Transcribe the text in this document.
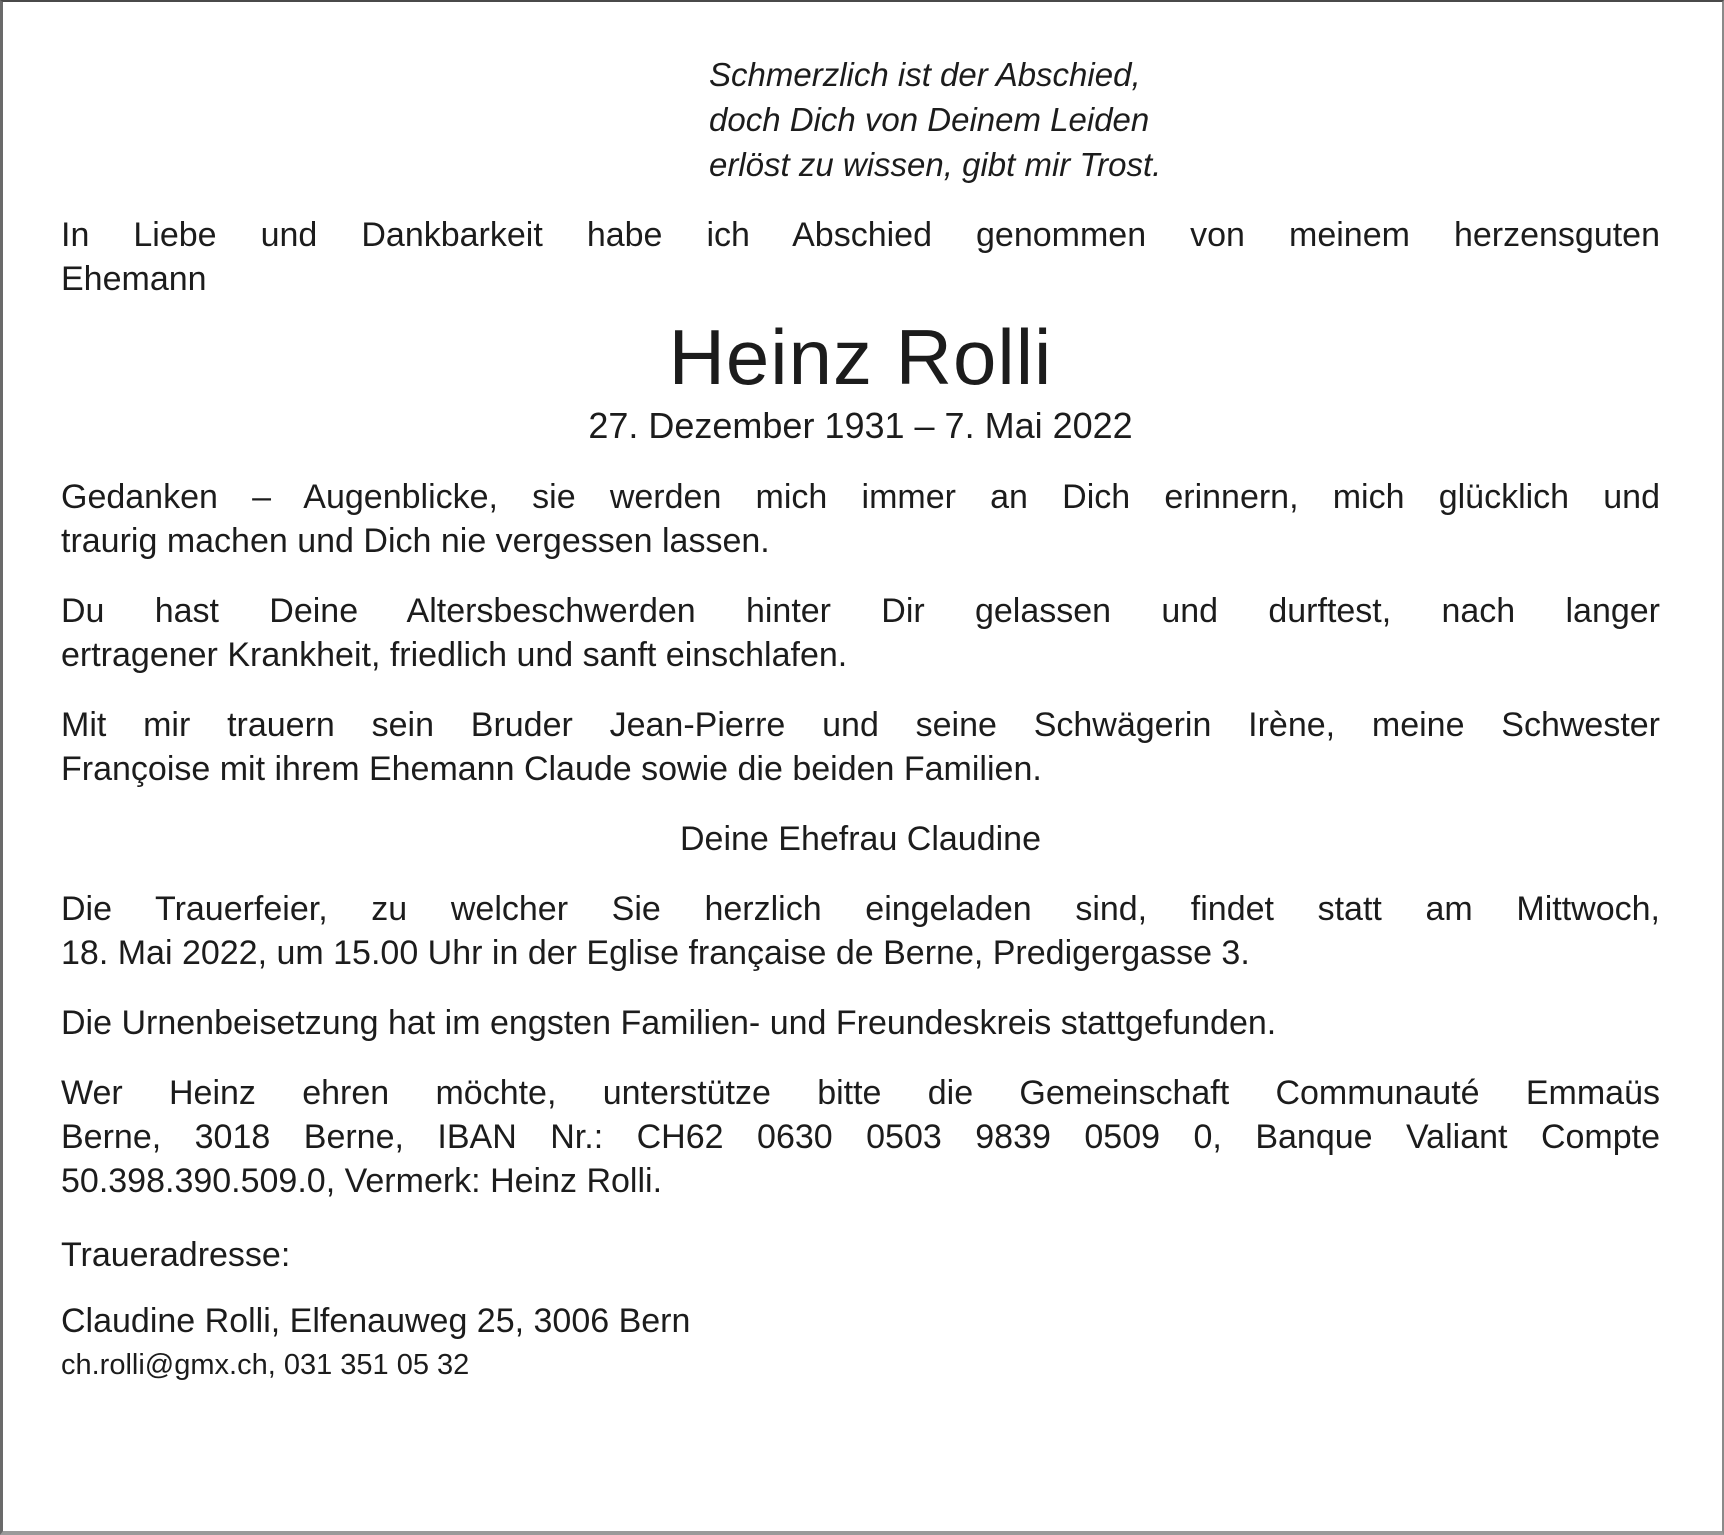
Schmerzlich ist der Abschied,
doch Dich von Deinem Leiden
erlöst zu wissen, gibt mir Trost.
In Liebe und Dankbarkeit habe ich Abschied genommen von meinem herzensguten
Ehemann
Heinz Rolli
27. Dezember 1931 – 7. Mai 2022
Gedanken – Augenblicke, sie werden mich immer an Dich erinnern, mich glücklich und
traurig machen und Dich nie vergessen lassen.
Du hast Deine Altersbeschwerden hinter Dir gelassen und durftest, nach langer
ertragener Krankheit, friedlich und sanft einschlafen.
Mit mir trauern sein Bruder Jean-Pierre und seine Schwägerin Irène, meine Schwester
Françoise mit ihrem Ehemann Claude sowie die beiden Familien.
Deine Ehefrau Claudine
Die Trauerfeier, zu welcher Sie herzlich eingeladen sind, findet statt am Mittwoch,
18. Mai 2022, um 15.00 Uhr in der Eglise française de Berne, Predigergasse 3.
Die Urnenbeisetzung hat im engsten Familien- und Freundeskreis stattgefunden.
Wer Heinz ehren möchte, unterstütze bitte die Gemeinschaft Communauté Emmaüs
Berne, 3018 Berne, IBAN Nr.: CH62 0630 0503 9839 0509 0, Banque Valiant Compte
50.398.390.509.0, Vermerk: Heinz Rolli.
Traueradresse:
Claudine Rolli, Elfenauweg 25, 3006 Bern
ch.rolli@gmx.ch, 031 351 05 32
